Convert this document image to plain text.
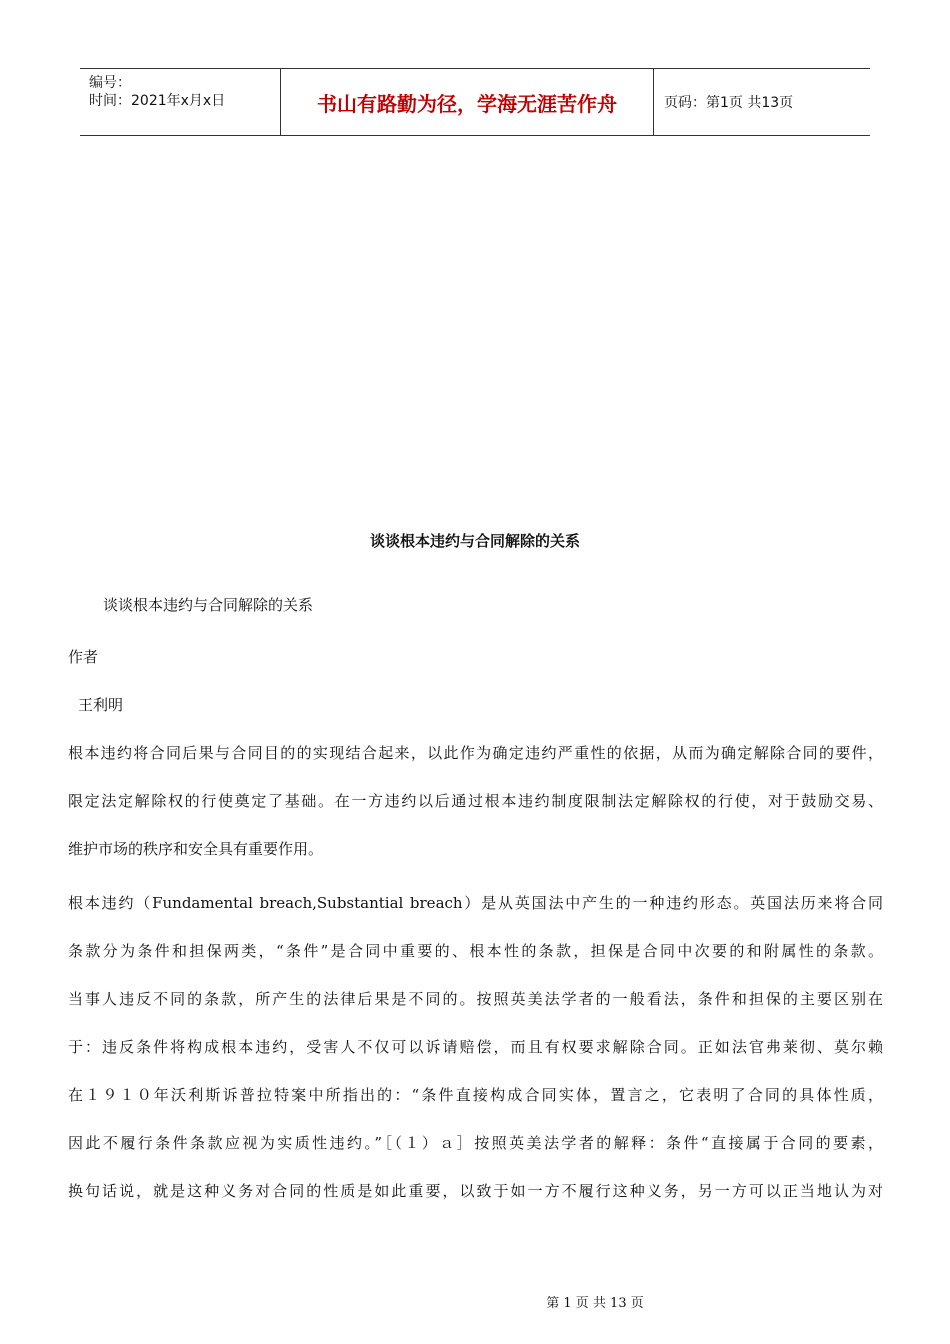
编号：
时间：2021年x月x日	书山有路勤为径，学海无涯苦作舟	页码：第1页 共13页
谈谈根本违约与合同解除的关系
谈谈根本违约与合同解除的关系
作者
王利明
根本违约将合同后果与合同目的的实现结合起来，以此作为确定违约严重性的依据，从而为确定解除合同的要件，
限定法定解除权的行使奠定了基础。在一方违约以后通过根本违约制度限制法定解除权的行使，对于鼓励交易、
维护市场的秩序和安全具有重要作用。
根本违约（Fundamental breach,Substantial breach）是从英国法中产生的一种违约形态。英国法历来将合同
条款分为条件和担保两类，“条件”是合同中重要的、根本性的条款，担保是合同中次要的和附属性的条款。
当事人违反不同的条款，所产生的法律后果是不同的。按照英美法学者的一般看法，条件和担保的主要区别在
于：违反条件将构成根本违约，受害人不仅可以诉请赔偿，而且有权要求解除合同。正如法官弗莱彻、莫尔赖
在１９１０年沃利斯诉普拉特案中所指出的：“条件直接构成合同实体，置言之，它表明了合同的具体性质，
因此不履行条件条款应视为实质性违约。”［（１）ａ］按照英美法学者的解释：条件“直接属于合同的要素，
换句话说，就是这种义务对合同的性质是如此重要，以致于如一方不履行这种义务，另一方可以正当地认为对
第 1 页 共 13 页
